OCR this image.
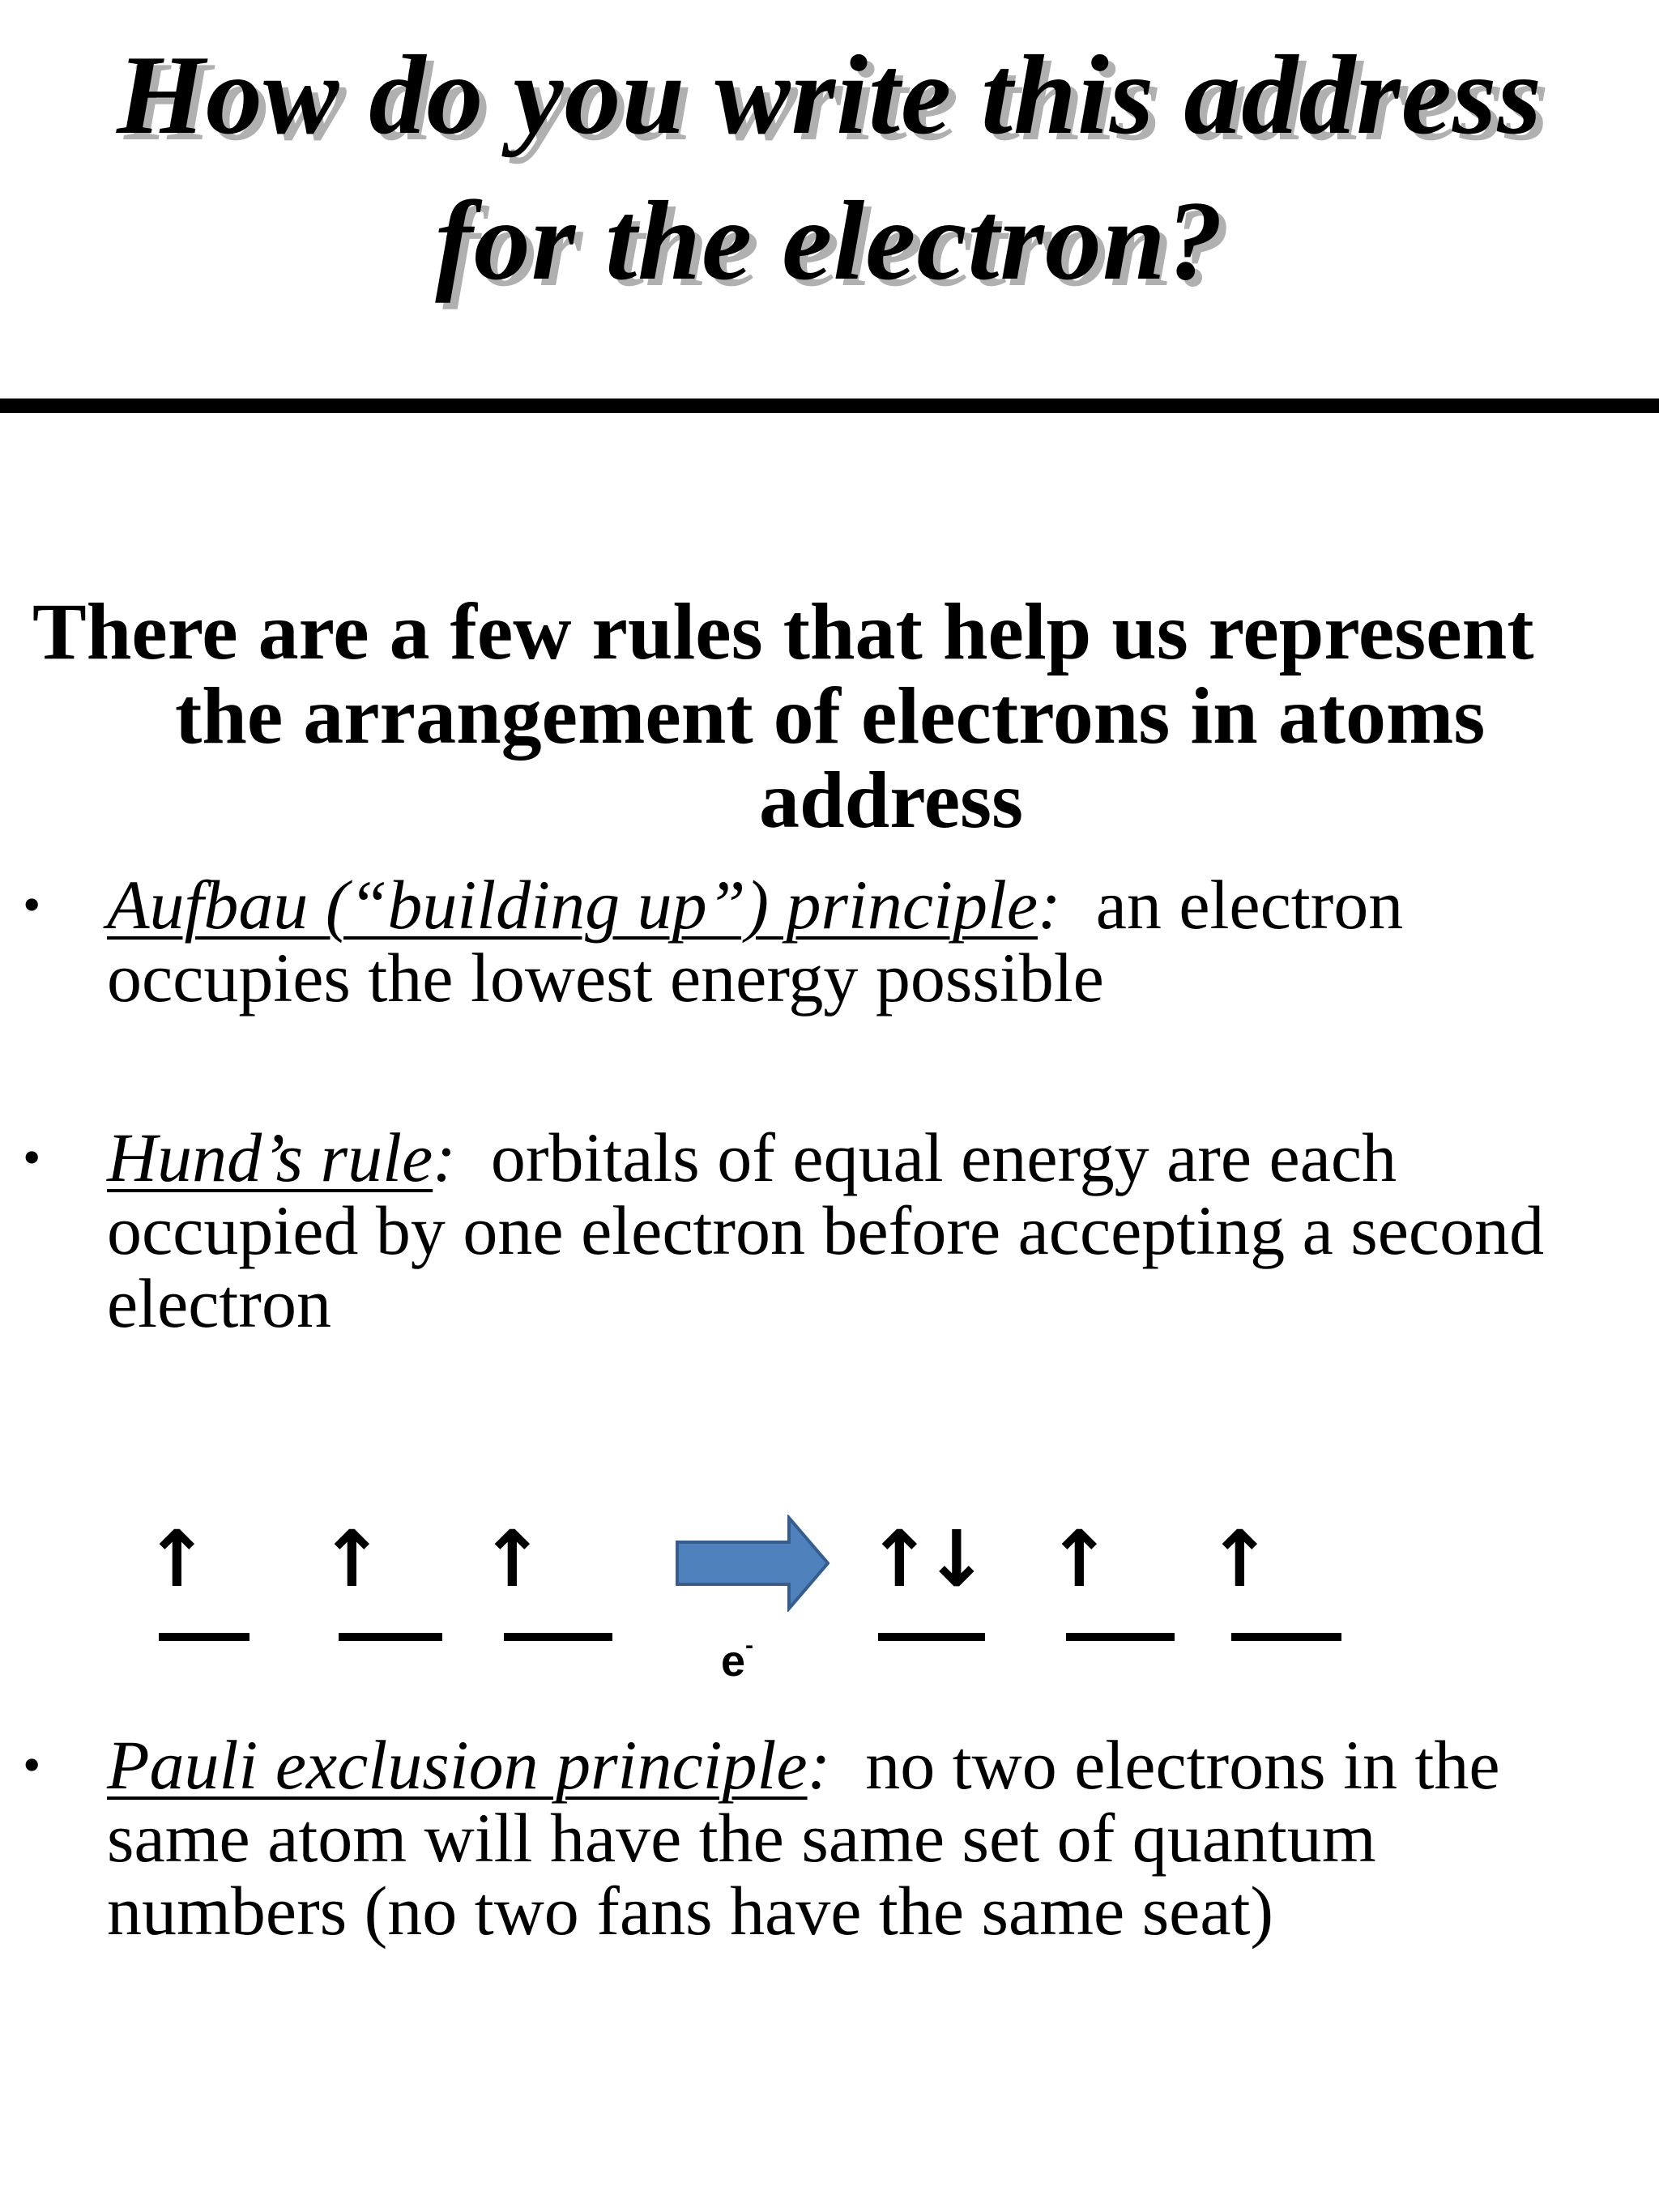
How do you write this address
for the electron?
There are a few rules that help us represent
the arrangement of electrons in atoms
address
• Aufbau (“building up”) principle: an electron
occupies the lowest energy possible
• Hund’s rule: orbitals of equal energy are each
occupied by one electron before accepting a second
electron
↑ ↑ ↑
e-
↑↓ ↑ ↑
• Pauli exclusion principle: no two electrons in the
same atom will have the same set of quantum
numbers (no two fans have the same seat)
